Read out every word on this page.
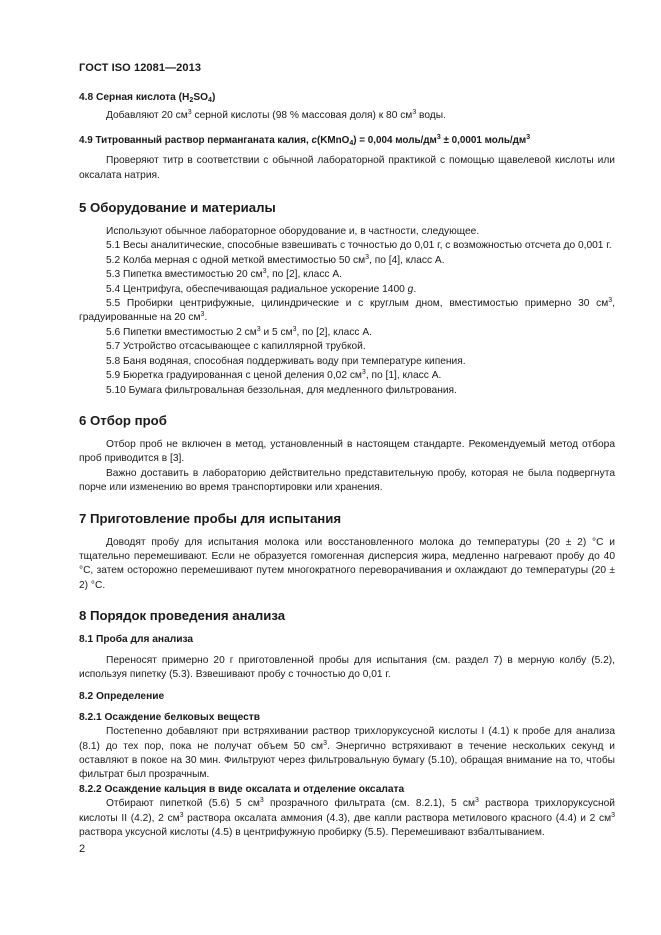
ГОСТ ISO 12081—2013

4.8 Серная кислота $(H_2SO_4)$

Добавляют 20 $см^3$ серной кислоты (98 % массовая доля) к 80 $см^3$ воды.

4.9 Титрованный раствор перманганата калия, c(KMnO$_4$) = 0,004 моль/$дм^3 \pm 0,0001$ моль/$дм^3$

Проверяют титр в соответствии с обычной лабораторной практикой с помощью щавелевой кислоты или оксалата натрия.

5 Оборудование и материалы

Используют обычное лабораторное оборудование и, в частности, следующее.

5.1 Весы аналитические, способные взвешивать с точностью до 0,01 г, с возможностью отсчета до 0,001 г.

5.2 Колба мерная с одной меткой вместимостью 50 $см^3$, по [4], класс А.

5.3 Пипетка вместимостью 20 $см^3$, по [2], класс А.

5.4 Центрифуга, обеспечивающая радиальное ускорение 1400 g.

5.5 Пробирки центрифужные, цилиндрические и с круглым дном, вместимостью примерно 30 $см^3$, градуированные на 20 $см^3$.

5.6 Пипетки вместимостью 2 $см^3$ и 5 $см^3$, по [2], класс А.

5.7 Устройство отсасывающее с капиллярной трубкой.

5.8 Баня водяная, способная поддерживать воду при температуре кипения.

5.9 Бюретка градуированная с ценой деления 0,02 $см^3$, по [1], класс А.

5.10 Бумага фильтровальная беззольная, для медленного фильтрования.

6 Отбор проб

Отбор проб не включен в метод, установленный в настоящем стандарте. Рекомендуемый метод отбора проб приводится в [3].

Важно доставить в лабораторию действительно представительную пробу, которая не была подвергнута порче или изменению во время транспортировки или хранения.

7 Приготовление пробы для испытания

Доводят пробу для испытания молока или восстановленного молока до температуры (20 ± 2) °С и тщательно перемешивают. Если не образуется гомогенная дисперсия жира, медленно нагревают пробу до 40 °С, затем осторожно перемешивают путем многократного переворачивания и охлаждают до температуры (20 ± 2) °С.

8 Порядок проведения анализа

8.1 Проба для анализа

Переносят примерно 20 г приготовленной пробы для испытания (см. раздел 7) в мерную колбу (5.2), используя пипетку (5.3). Взвешивают пробу с точностью до 0,01 г.

8.2 Определение

8.2.1 Осаждение белковых веществ

Постепенно добавляют при встряхивании раствор трихлоруксусной кислоты I (4.1) к пробе для анализа (8.1) до тех пор, пока не получат объем 50 $см^3$. Энергично встряхивают в течение нескольких секунд и оставляют в покое на 30 мин. Фильтруют через фильтровальную бумагу (5.10), обращая внимание на то, чтобы фильтрат был прозрачным.

8.2.2 Осаждение кальция в виде оксалата и отделение оксалата

Отбирают пипеткой (5.6) 5 $см^3$ прозрачного фильтрата (см. 8.2.1), 5 $см^3$ раствора трихлоруксусной кислоты II (4.2), 2 $см^3$ раствора оксалата аммония (4.3), две капли раствора метилового красного (4.4) и 2 $см^3$ раствора уксусной кислоты (4.5) в центрифужную пробирку (5.5). Перемешивают взбалтыванием.

2
